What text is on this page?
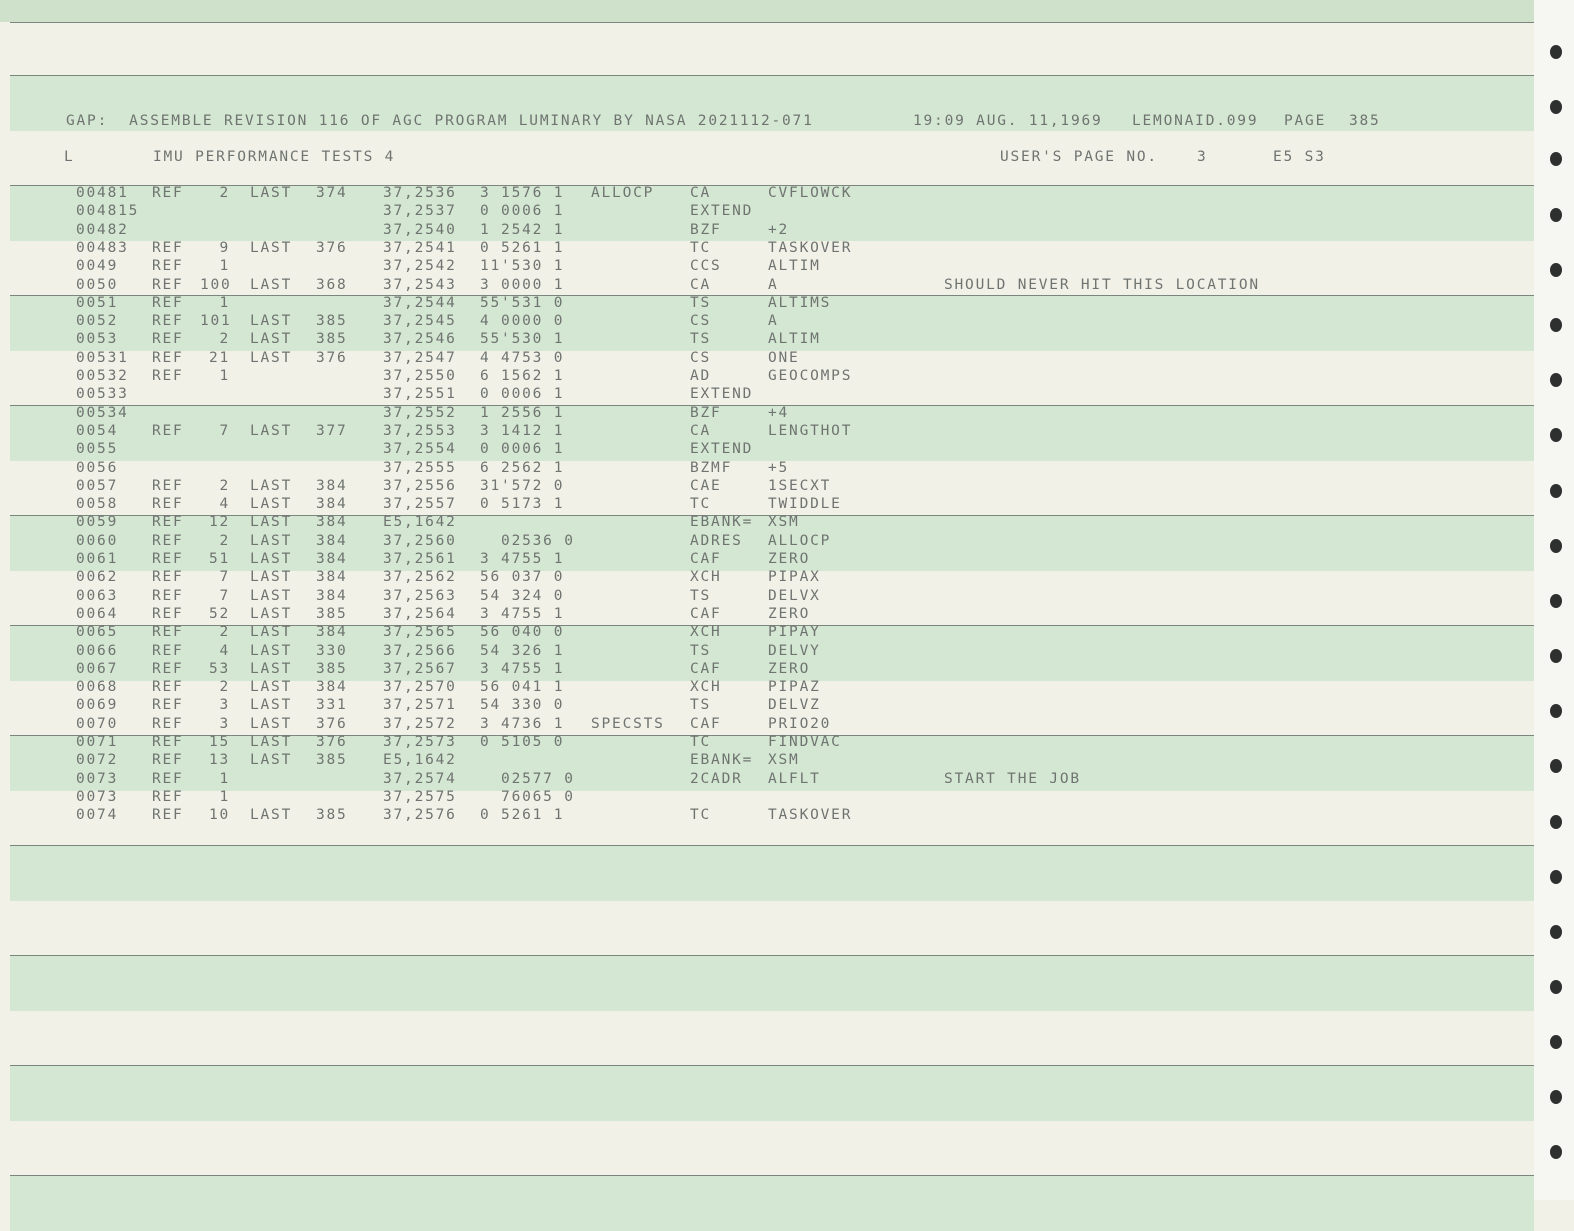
GAP:  ASSEMBLE REVISION 116 OF AGC PROGRAM LUMINARY BY NASA 2021112-071	19:09 AUG. 11,1969 LEMONAID.099 PAGE 385
L	IMU PERFORMANCE TESTS 4	USER'S PAGE NO.	3	E5 S3
00481 REF	2 LAST 374 37,2536 3 1576 1 ALLOCP CA	CVFLOWCK
004815	37,2537 0 0006 1	EXTEND
00482	37,2540 1 2542 1	BZF	+2
00483 REF	9 LAST 376 37,2541 0 5261 1	TC	TASKOVER
0049 REF	1	37,2542 11'530 1	CCS	ALTIM
0050 REF 100 LAST 368 37,2543 3 0000 1	CA	A	SHOULD NEVER HIT THIS LOCATION
0051 REF	1	37,2544 55'531 0	TS	ALTIMS
0052 REF 101 LAST 385 37,2545 4 0000 0	CS	A
0053 REF	2 LAST 385 37,2546 55'530 1	TS	ALTIM
00531 REF	21 LAST 376 37,2547 4 4753 0	CS	ONE
00532 REF	1	37,2550 6 1562 1	AD	GEOCOMPS
00533	37,2551 0 0006 1	EXTEND
00534	37,2552 1 2556 1	BZF	+4
0054 REF	7 LAST 377 37,2553 3 1412 1	CA	LENGTHOT
0055	37,2554 0 0006 1	EXTEND
0056	37,2555 6 2562 1	BZMF +5
0057 REF	2 LAST 384 37,2556 31'572 0	CAE	1SECXT
0058 REF	4 LAST 384 37,2557 0 5173 1	TC	TWIDDLE
0059 REF	12 LAST 384 E5,1642	EBANK= XSM
0060 REF	2 LAST 384 37,2560 02536 0	ADRES ALLOCP
0061 REF	51 LAST 384 37,2561 3 4755 1	CAF	ZERO
0062 REF	7 LAST 384 37,2562 56 037 0	XCH	PIPAX
0063 REF	7 LAST 384 37,2563 54 324 0	TS	DELVX
0064 REF	52 LAST 385 37,2564 3 4755 1	CAF	ZERO
0065 REF	2 LAST 384 37,2565 56 040 0	XCH	PIPAY
0066 REF	4 LAST 330 37,2566 54 326 1	TS	DELVY
0067 REF	53 LAST 385 37,2567 3 4755 1	CAF	ZERO
0068 REF	2 LAST 384 37,2570 56 041 1	XCH	PIPAZ
0069 REF	3 LAST 331 37,2571 54 330 0	TS	DELVZ
0070 REF	3 LAST 376 37,2572 3 4736 1 SPECSTS CAF	PRIO20
0071 REF	15 LAST 376 37,2573 0 5105 0	TC	FINDVAC
0072 REF	13 LAST 385 E5,1642	EBANK= XSM
0073 REF	1	37,2574 02577 0	2CADR ALFLT	START THE JOB
0073 REF	1	37,2575 76065 0
0074 REF	10 LAST 385 37,2576 0 5261 1	TC	TASKOVER
